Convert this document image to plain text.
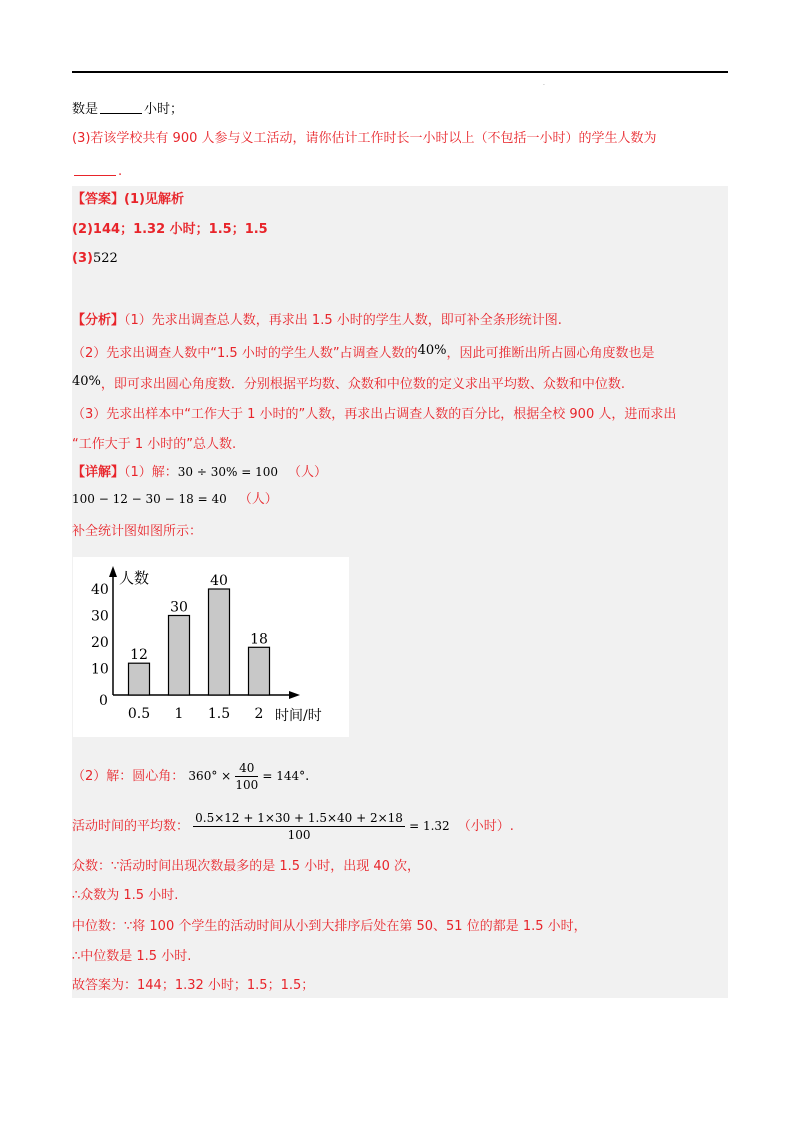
.
数是	小时；
(3)若该学校共有 900 人参与义工活动，请你估计工作时长一小时以上（不包括一小时）的学生人数为
.
【答案】(1)见解析
(2)144；1.32 小时；1.5；1.5
(3)522
【分析】（1）先求出调查总人数，再求出 1.5 小时的学生人数，即可补全条形统计图.
（2）先求出调查人数中“1.5 小时的学生人数”占调查人数的40%，因此可推断出所占圆心角度数也是
40%，即可求出圆心角度数．分别根据平均数、众数和中位数的定义求出平均数、众数和中位数.
（3）先求出样本中“工作大于 1 小时的”人数，再求出占调查人数的百分比，根据全校 900 人，进而求出
“工作大于 1 小时的”总人数.
【详解】（1）解：30 ÷ 30% = 100 （人）
100 − 12 − 30 − 18 = 40 （人）
补全统计图如图所示：
人数
时间/时
0
10
20
30
40
12
0.5
30
1
40
1.5
18
2
（2）解：圆心角： $360^\circ \times \frac{40}{100} = 144^\circ$.
活动时间的平均数： $\frac{0.5\times 12 + 1\times 30 + 1.5\times 40 + 2\times 18}{100} = 1.32$ （小时）.
众数：∵活动时间出现次数最多的是 1.5 小时，出现 40 次，
∴众数为 1.5 小时.
中位数：∵将 100 个学生的活动时间从小到大排序后处在第 50、51 位的都是 1.5 小时，
∴中位数是 1.5 小时.
故答案为：144；1.32 小时；1.5；1.5；
